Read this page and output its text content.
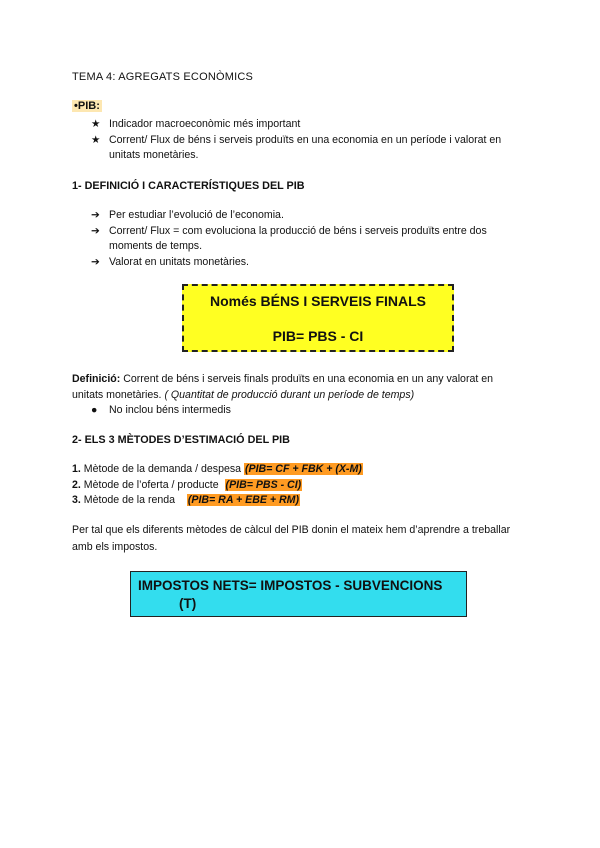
TEMA 4: AGREGATS ECONÒMICS
•PIB:
★ Indicador macroeconòmic més important
★ Corrent/ Flux de béns i serveis produïts en una economia en un període i valorat en unitats monetàries.
1- DEFINICIÓ I CARACTERÍSTIQUES DEL PIB
➔ Per estudiar l’evolució de l’economia.
➔ Corrent/ Flux = com evoluciona la producció de béns i serveis produïts entre dos moments de temps.
➔ Valorat en unitats monetàries.
Només BÉNS I SERVEIS FINALS
PIB= PBS - CI
Definició: Corrent de béns i serveis finals produïts en una economia en un any valorat en unitats monetàries. ( Quantitat de producció durant un període de temps)
●	No inclou béns intermedis
2- ELS 3 MÈTODES D’ESTIMACIÓ DEL PIB
1. Mètode de la demanda / despesa (PIB= CF + FBK + (X-M)
2. Mètode de l’oferta / producte  (PIB= PBS - CI)
3. Mètode de la renda    (PIB= RA + EBE + RM)
Per tal que els diferents mètodes de càlcul del PIB donin el mateix hem d’aprendre a treballar amb els impostos.
IMPOSTOS NETS= IMPOSTOS - SUBVENCIONS
(T)
